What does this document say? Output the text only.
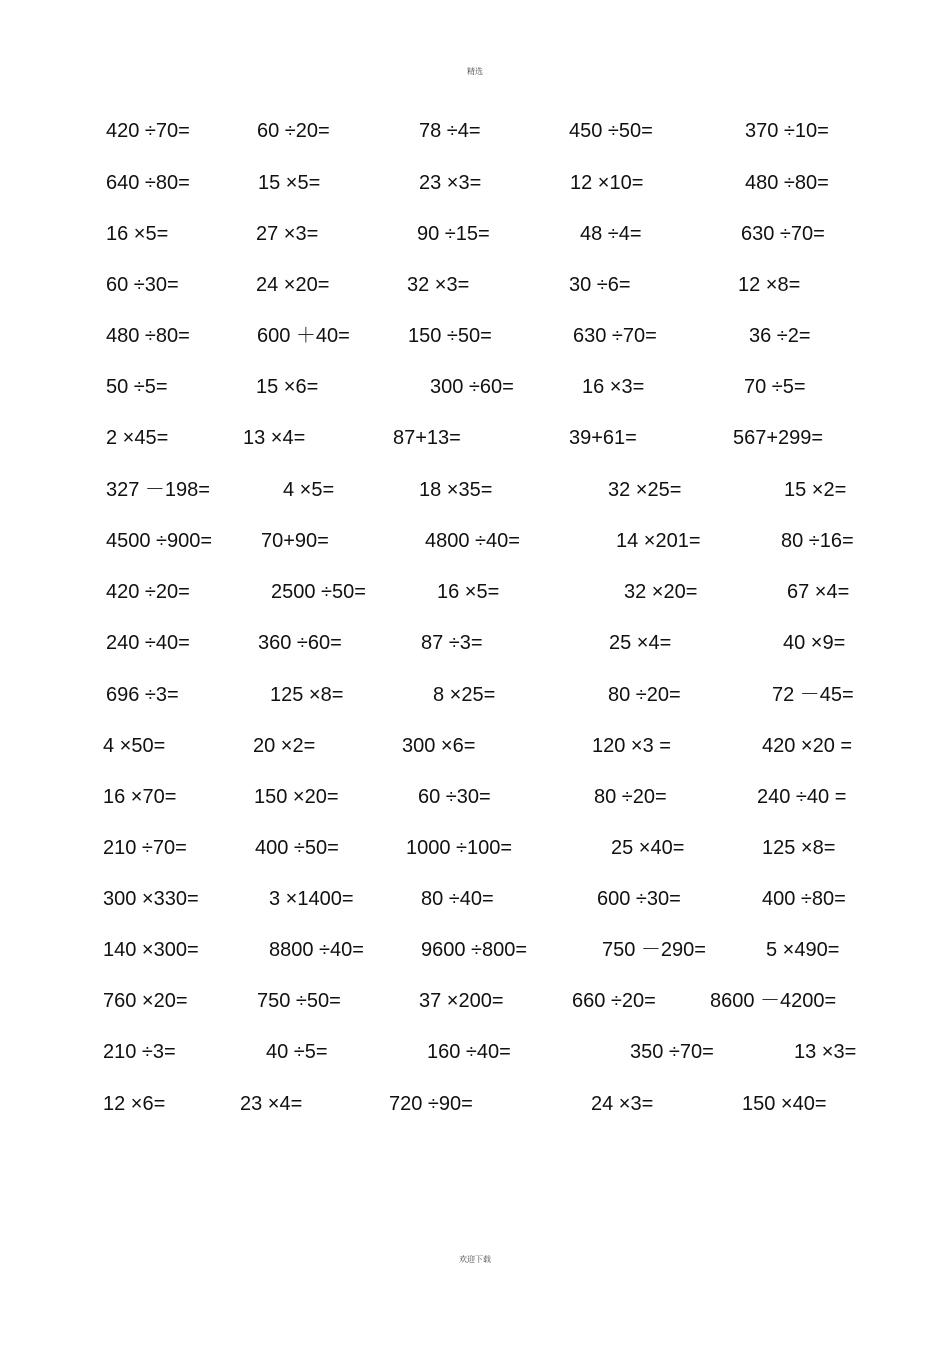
精选
420 ÷70=	60 ÷20=	78 ÷4=	450 ÷50=	370 ÷10=
640 ÷80=	15 ×5=	23 ×3=	12 ×10=	480 ÷80=
16 ×5=	27 ×3=	90 ÷15=	48 ÷4=	630 ÷70=
60 ÷30=	24 ×20=	32 ×3=	30 ÷6=	12 ×8=
480 ÷80=	600 ＋40=	150 ÷50=	630 ÷70=	36 ÷2=
50 ÷5=	15 ×6=	300 ÷60=	16 ×3=	70 ÷5=
2 ×45=	13 ×4=	87+13=	39+61=	567+299=
327 －198=	4 ×5=	18 ×35=	32 ×25=	15 ×2=
4500 ÷900= 70+90=	4800 ÷40=	14 ×201=	80 ÷16=
420 ÷20=	2500 ÷50=	16 ×5=	32 ×20=	67 ×4=
240 ÷40=	360 ÷60=	87 ÷3=	25 ×4=	40 ×9=
696 ÷3=	125 ×8=	8 ×25=	80 ÷20=	72 －45=
4 ×50=	20 ×2=	300 ×6=	120 ×3 =	420 ×20 =
16 ×70=	150 ×20=	60 ÷30=	80 ÷20=	240 ÷40 =
210 ÷70=	400 ÷50=	1000 ÷100=	25 ×40=	125 ×8=
300 ×330=	3 ×1400=	80 ÷40=	600 ÷30=	400 ÷80=
140 ×300=	8800 ÷40=	9600 ÷800=	750 －290=	5 ×490=
760 ×20=	750 ÷50=	37 ×200=	660 ÷20=	8600 －4200=
210 ÷3=	40 ÷5=	160 ÷40=	350 ÷70=	13 ×3=
12 ×6=	23 ×4=	720 ÷90=	24 ×3=	150 ×40=
欢迎下载
